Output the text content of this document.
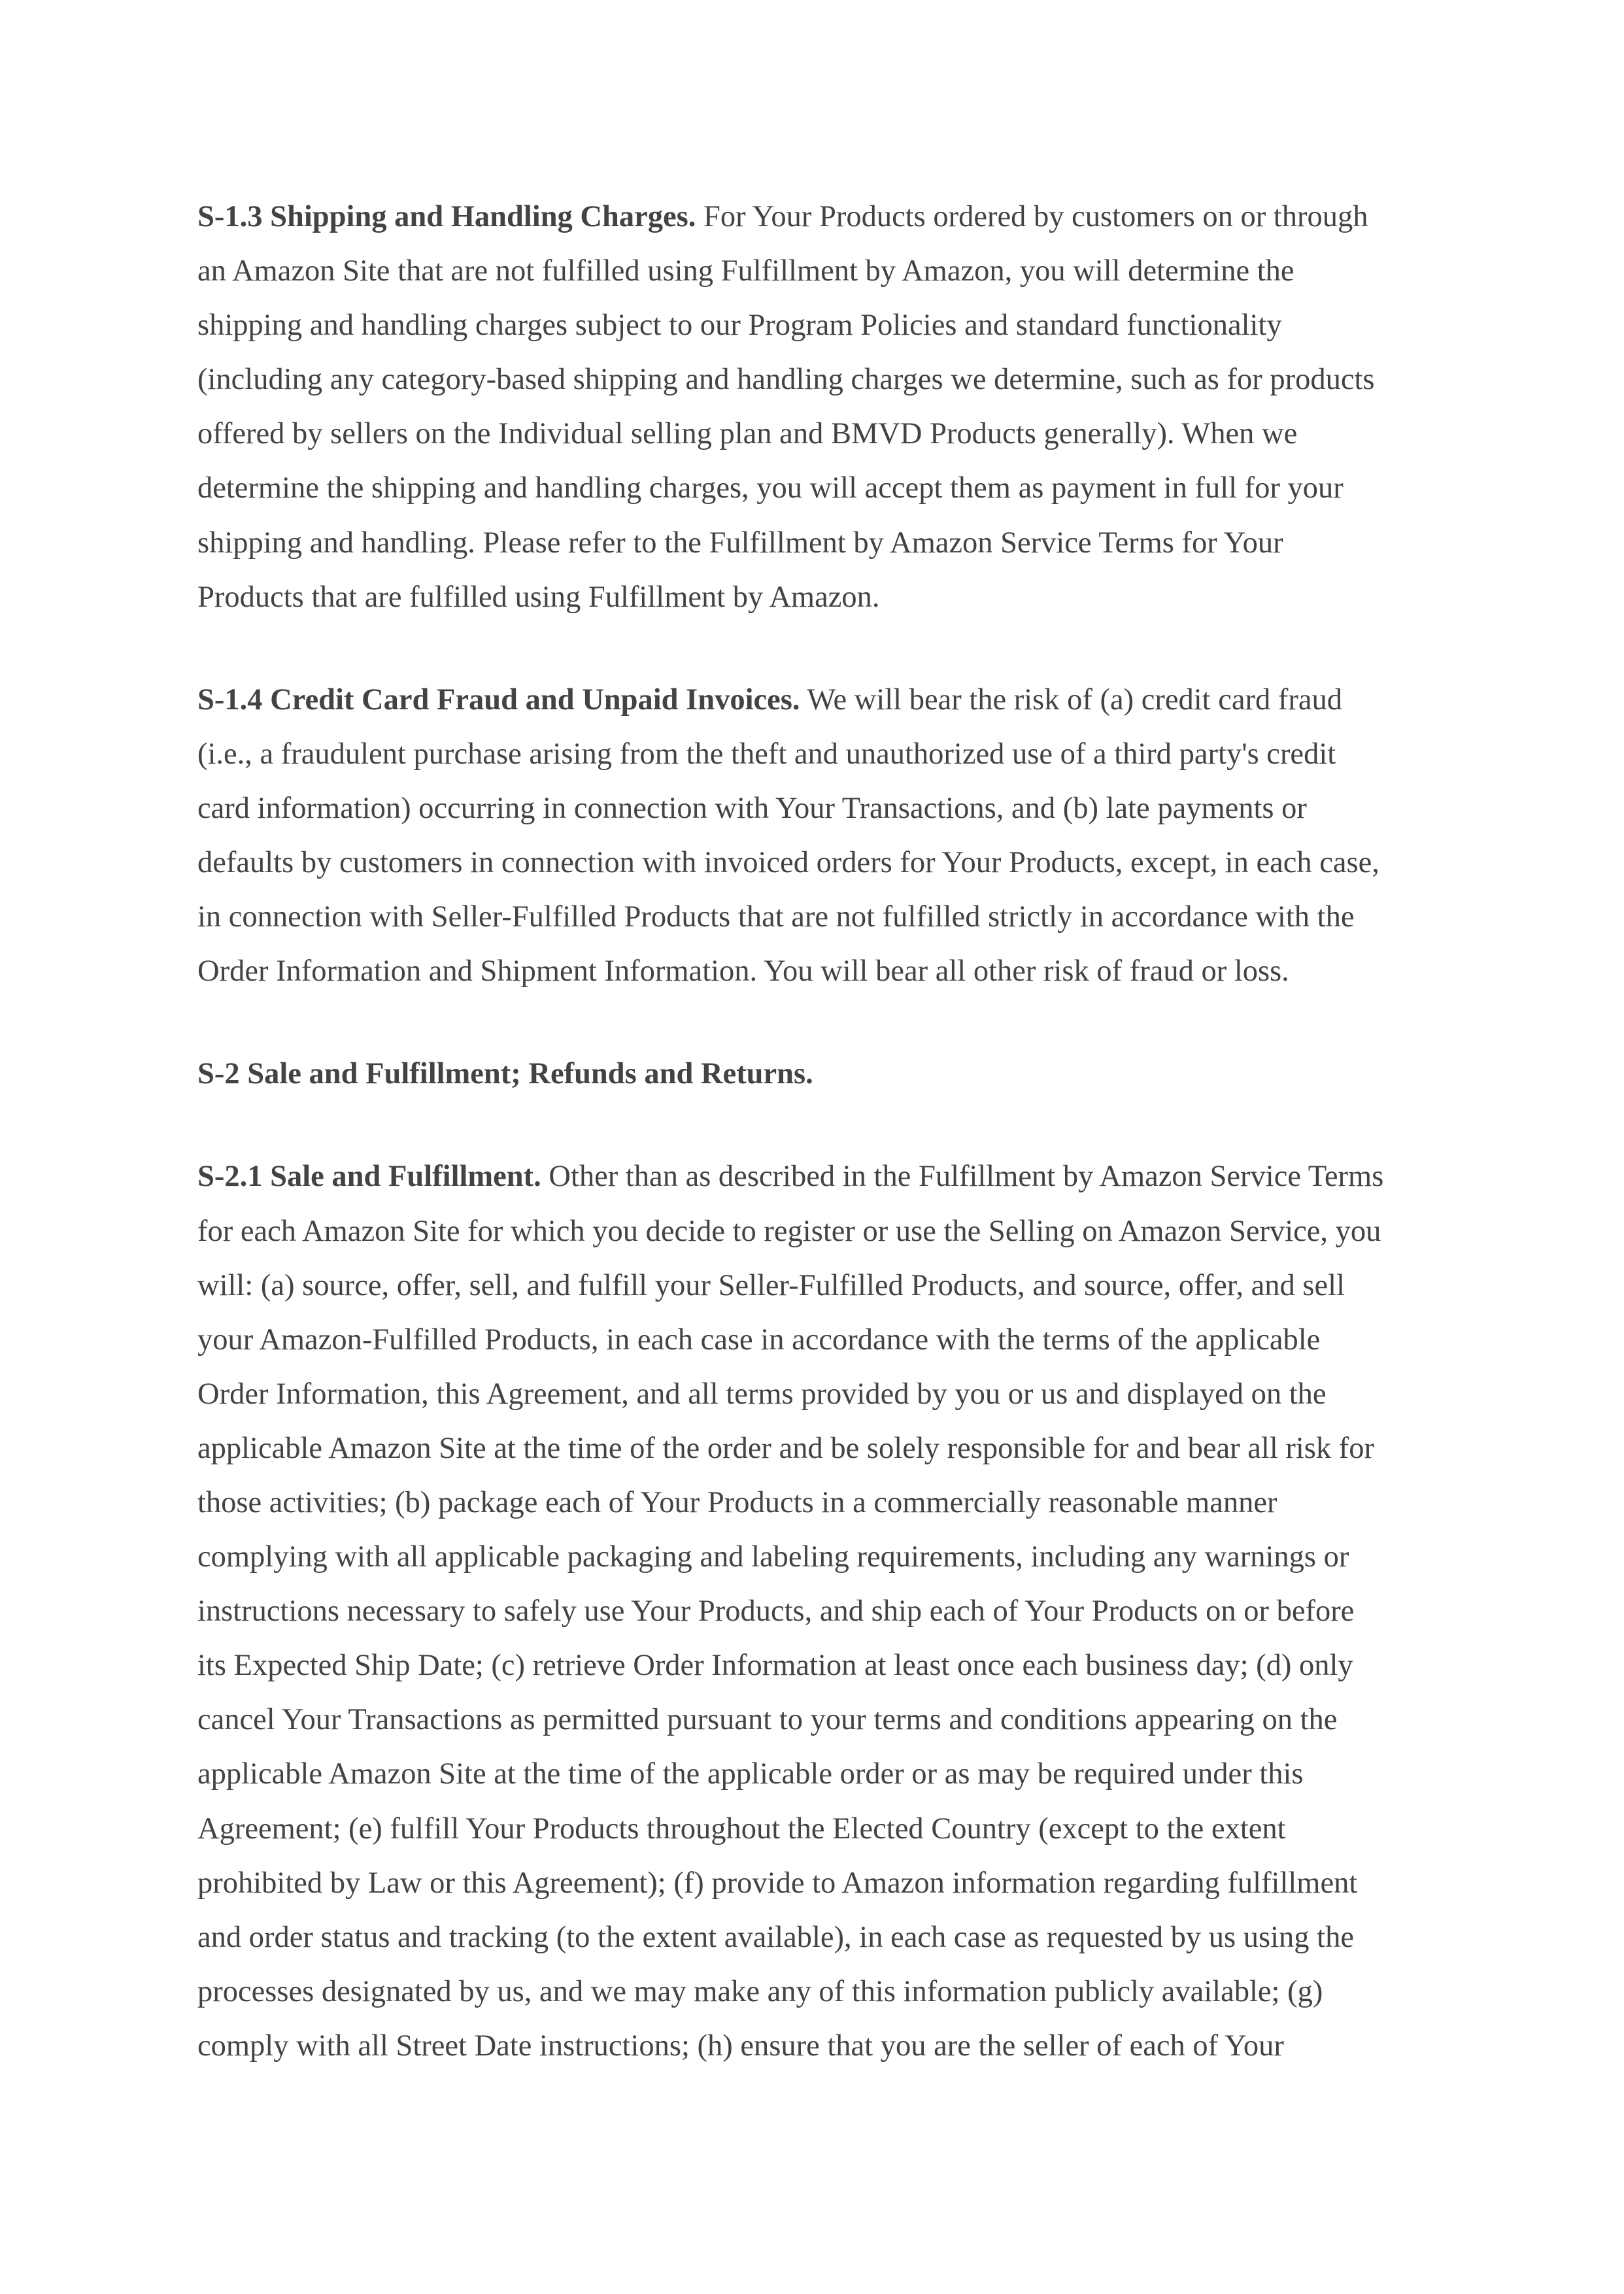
S-1.3 Shipping and Handling Charges. For Your Products ordered by customers on or through
an Amazon Site that are not fulfilled using Fulfillment by Amazon, you will determine the
shipping and handling charges subject to our Program Policies and standard functionality
(including any category-based shipping and handling charges we determine, such as for products
offered by sellers on the Individual selling plan and BMVD Products generally). When we
determine the shipping and handling charges, you will accept them as payment in full for your
shipping and handling. Please refer to the Fulfillment by Amazon Service Terms for Your
Products that are fulfilled using Fulfillment by Amazon.

S-1.4 Credit Card Fraud and Unpaid Invoices. We will bear the risk of (a) credit card fraud
(i.e., a fraudulent purchase arising from the theft and unauthorized use of a third party's credit
card information) occurring in connection with Your Transactions, and (b) late payments or
defaults by customers in connection with invoiced orders for Your Products, except, in each case,
in connection with Seller-Fulfilled Products that are not fulfilled strictly in accordance with the
Order Information and Shipment Information. You will bear all other risk of fraud or loss.

S-2 Sale and Fulfillment; Refunds and Returns.

S-2.1 Sale and Fulfillment. Other than as described in the Fulfillment by Amazon Service Terms
for each Amazon Site for which you decide to register or use the Selling on Amazon Service, you
will: (a) source, offer, sell, and fulfill your Seller-Fulfilled Products, and source, offer, and sell
your Amazon-Fulfilled Products, in each case in accordance with the terms of the applicable
Order Information, this Agreement, and all terms provided by you or us and displayed on the
applicable Amazon Site at the time of the order and be solely responsible for and bear all risk for
those activities; (b) package each of Your Products in a commercially reasonable manner
complying with all applicable packaging and labeling requirements, including any warnings or
instructions necessary to safely use Your Products, and ship each of Your Products on or before
its Expected Ship Date; (c) retrieve Order Information at least once each business day; (d) only
cancel Your Transactions as permitted pursuant to your terms and conditions appearing on the
applicable Amazon Site at the time of the applicable order or as may be required under this
Agreement; (e) fulfill Your Products throughout the Elected Country (except to the extent
prohibited by Law or this Agreement); (f) provide to Amazon information regarding fulfillment
and order status and tracking (to the extent available), in each case as requested by us using the
processes designated by us, and we may make any of this information publicly available; (g)
comply with all Street Date instructions; (h) ensure that you are the seller of each of Your
